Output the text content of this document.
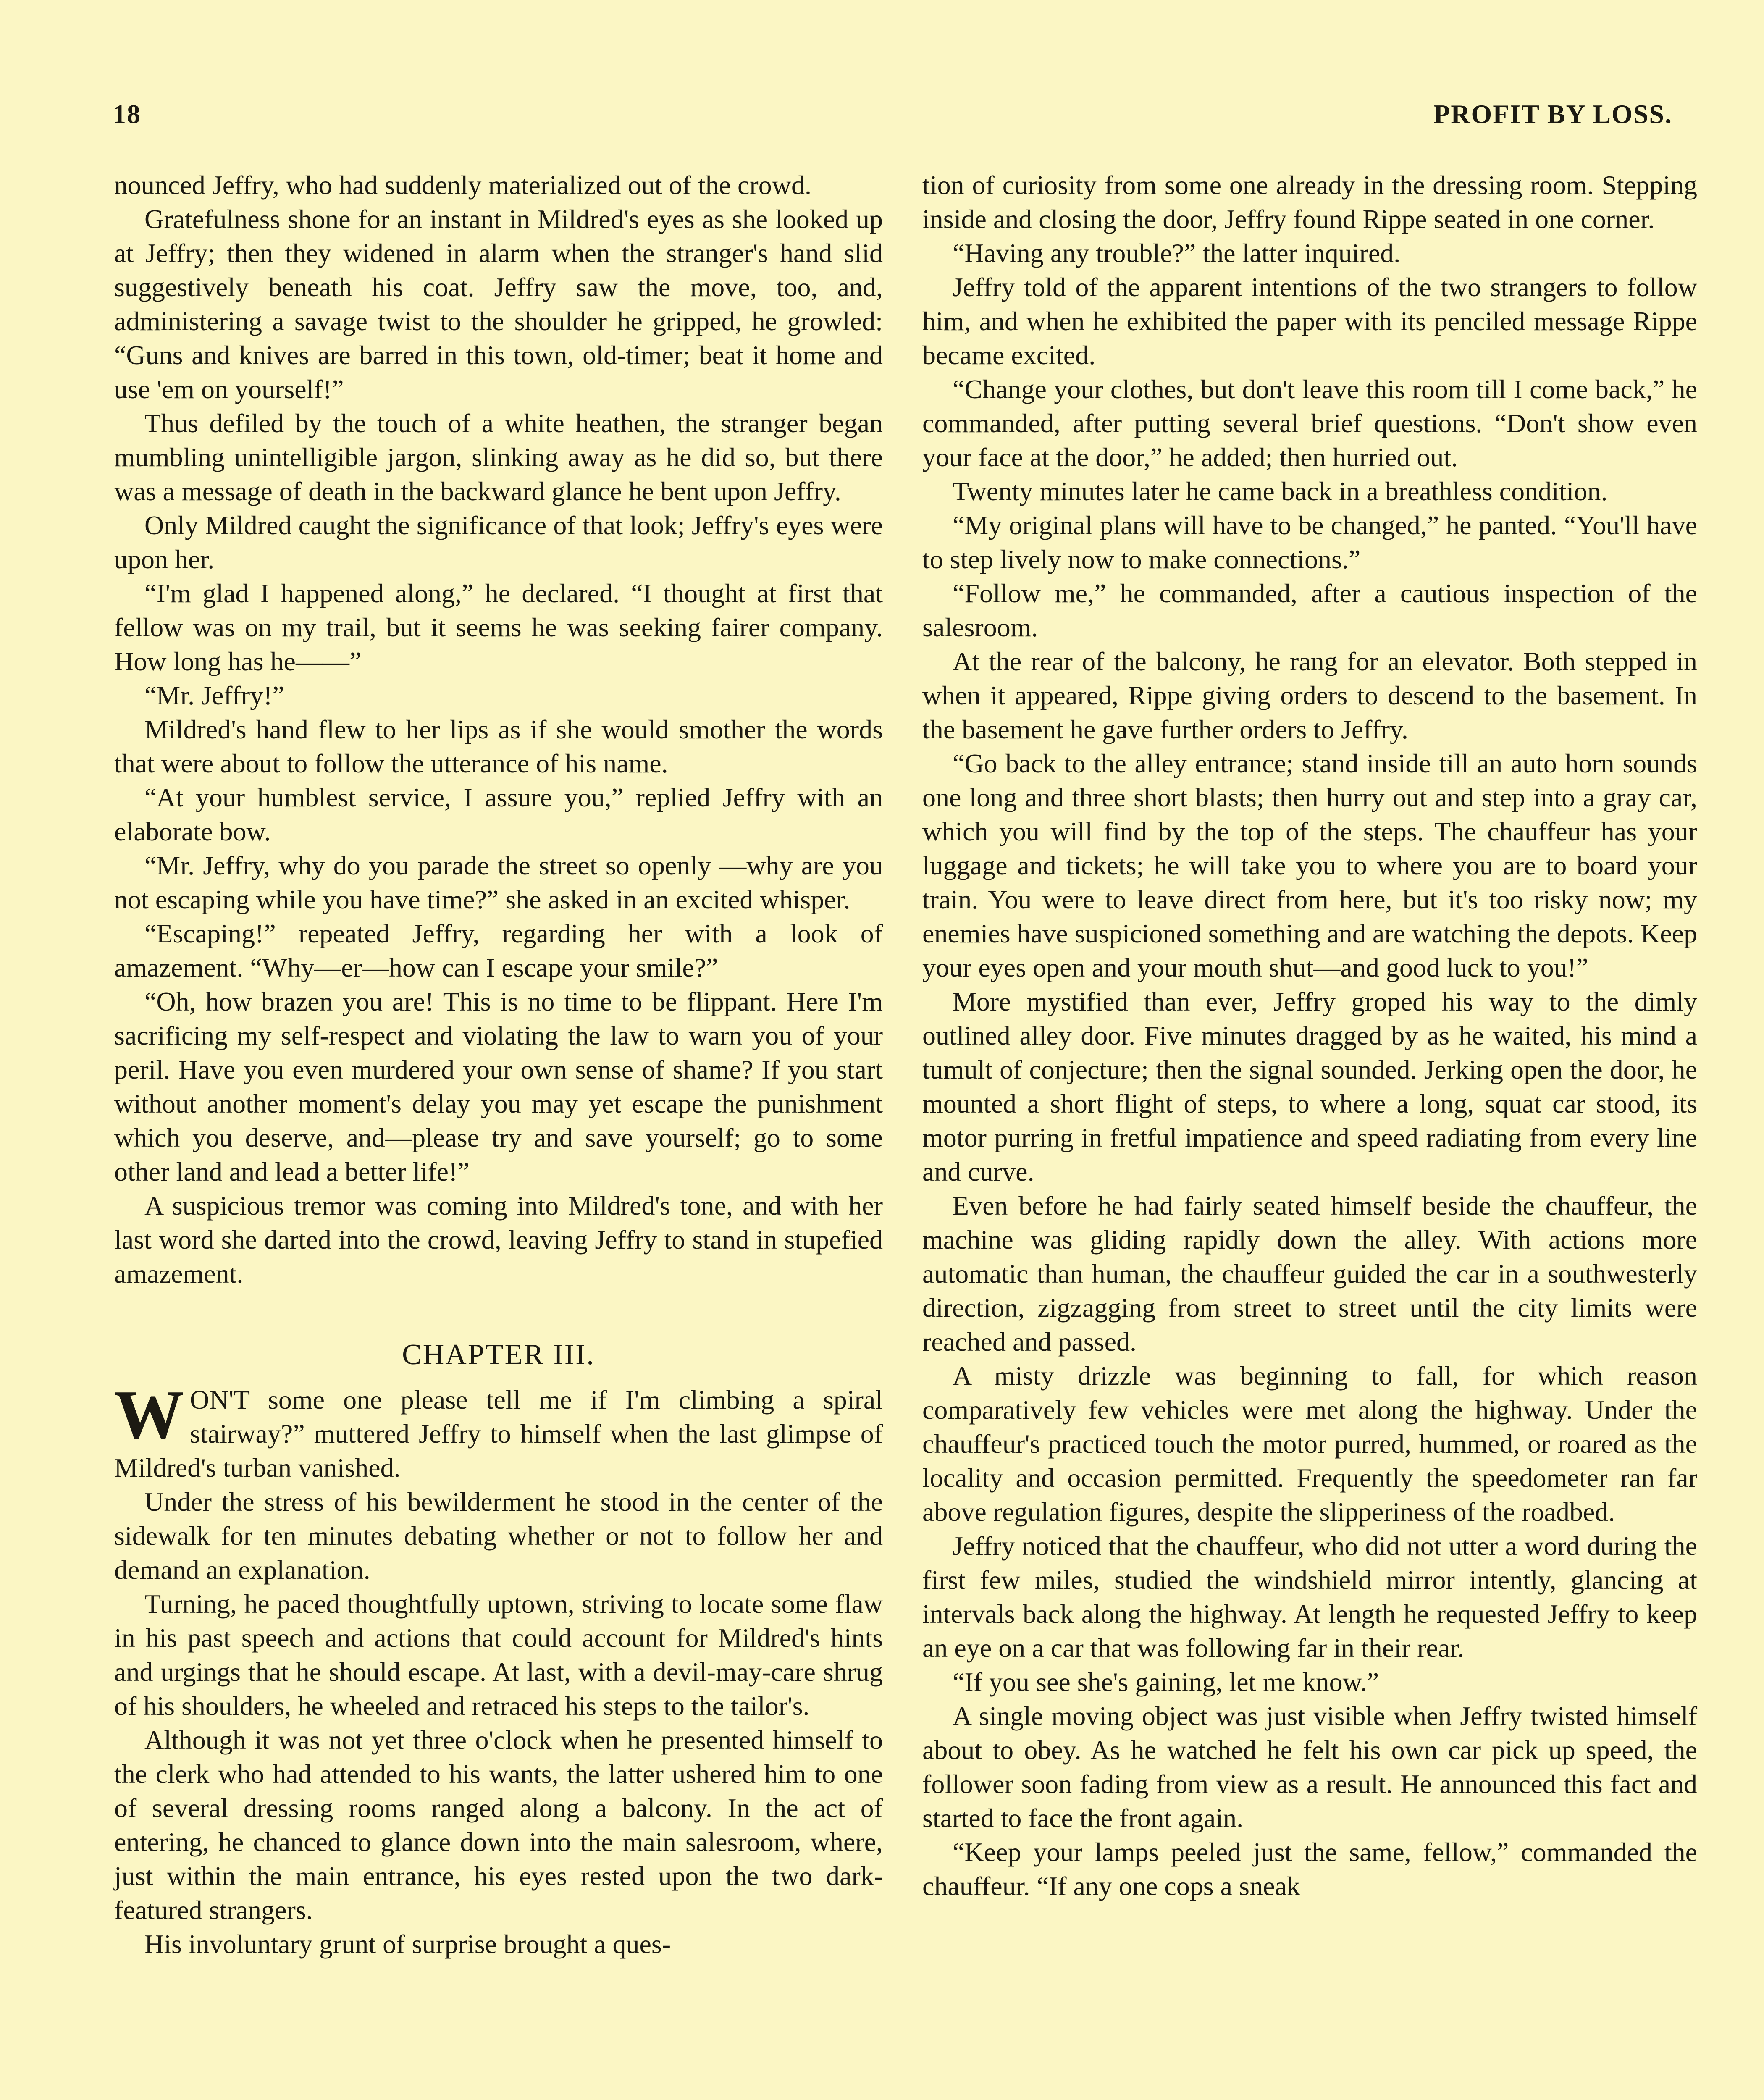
18	PROFIT BY LOSS.

nounced Jeffry, who had suddenly materialized out of the crowd.

Gratefulness shone for an instant in Mildred's eyes as she looked up at Jeffry; then they widened in alarm when the stranger's hand slid suggestively beneath his coat. Jeffry saw the move, too, and, administering a savage twist to the shoulder he gripped, he growled: “Guns and knives are barred in this town, old-timer; beat it home and use 'em on yourself!”

Thus defiled by the touch of a white heathen, the stranger began mumbling unintelligible jargon, slinking away as he did so, but there was a message of death in the backward glance he bent upon Jeffry.

Only Mildred caught the significance of that look; Jeffry's eyes were upon her.

“I'm glad I happened along,” he declared. “I thought at first that fellow was on my trail, but it seems he was seeking fairer company. How long has he——”

“Mr. Jeffry!”

Mildred's hand flew to her lips as if she would smother the words that were about to follow the utterance of his name.

“At your humblest service, I assure you,” replied Jeffry with an elaborate bow.

“Mr. Jeffry, why do you parade the street so openly —why are you not escaping while you have time?” she asked in an excited whisper.

“Escaping!” repeated Jeffry, regarding her with a look of amazement. “Why—er—how can I escape your smile?”

“Oh, how brazen you are! This is no time to be flippant. Here I'm sacrificing my self-respect and violating the law to warn you of your peril. Have you even murdered your own sense of shame? If you start without another moment's delay you may yet escape the punishment which you deserve, and—please try and save yourself; go to some other land and lead a better life!”

A suspicious tremor was coming into Mildred's tone, and with her last word she darted into the crowd, leaving Jeffry to stand in stupefied amazement.

CHAPTER III.

WON'T some one please tell me if I'm climbing a spiral stairway?” muttered Jeffry to himself when the last glimpse of Mildred's turban vanished.

Under the stress of his bewilderment he stood in the center of the sidewalk for ten minutes debating whether or not to follow her and demand an explanation.

Turning, he paced thoughtfully uptown, striving to locate some flaw in his past speech and actions that could account for Mildred's hints and urgings that he should escape. At last, with a devil-may-care shrug of his shoulders, he wheeled and retraced his steps to the tailor's.

Although it was not yet three o'clock when he presented himself to the clerk who had attended to his wants, the latter ushered him to one of several dressing rooms ranged along a balcony. In the act of entering, he chanced to glance down into the main salesroom, where, just within the main entrance, his eyes rested upon the two dark-featured strangers.

His involuntary grunt of surprise brought a ques-

tion of curiosity from some one already in the dressing room. Stepping inside and closing the door, Jeffry found Rippe seated in one corner.

“Having any trouble?” the latter inquired.

Jeffry told of the apparent intentions of the two strangers to follow him, and when he exhibited the paper with its penciled message Rippe became excited.

“Change your clothes, but don't leave this room till I come back,” he commanded, after putting several brief questions. “Don't show even your face at the door,” he added; then hurried out.

Twenty minutes later he came back in a breathless condition.

“My original plans will have to be changed,” he panted. “You'll have to step lively now to make connections.”

“Follow me,” he commanded, after a cautious inspection of the salesroom.

At the rear of the balcony, he rang for an elevator. Both stepped in when it appeared, Rippe giving orders to descend to the basement. In the basement he gave further orders to Jeffry.

“Go back to the alley entrance; stand inside till an auto horn sounds one long and three short blasts; then hurry out and step into a gray car, which you will find by the top of the steps. The chauffeur has your luggage and tickets; he will take you to where you are to board your train. You were to leave direct from here, but it's too risky now; my enemies have suspicioned something and are watching the depots. Keep your eyes open and your mouth shut—and good luck to you!”

More mystified than ever, Jeffry groped his way to the dimly outlined alley door. Five minutes dragged by as he waited, his mind a tumult of conjecture; then the signal sounded. Jerking open the door, he mounted a short flight of steps, to where a long, squat car stood, its motor purring in fretful impatience and speed radiating from every line and curve.

Even before he had fairly seated himself beside the chauffeur, the machine was gliding rapidly down the alley. With actions more automatic than human, the chauffeur guided the car in a southwesterly direction, zigzagging from street to street until the city limits were reached and passed.

A misty drizzle was beginning to fall, for which reason comparatively few vehicles were met along the highway. Under the chauffeur's practiced touch the motor purred, hummed, or roared as the locality and occasion permitted. Frequently the speedometer ran far above regulation figures, despite the slipperiness of the roadbed.

Jeffry noticed that the chauffeur, who did not utter a word during the first few miles, studied the windshield mirror intently, glancing at intervals back along the highway. At length he requested Jeffry to keep an eye on a car that was following far in their rear.

“If you see she's gaining, let me know.”

A single moving object was just visible when Jeffry twisted himself about to obey. As he watched he felt his own car pick up speed, the follower soon fading from view as a result. He announced this fact and started to face the front again.

“Keep your lamps peeled just the same, fellow,” commanded the chauffeur. “If any one cops a sneak
